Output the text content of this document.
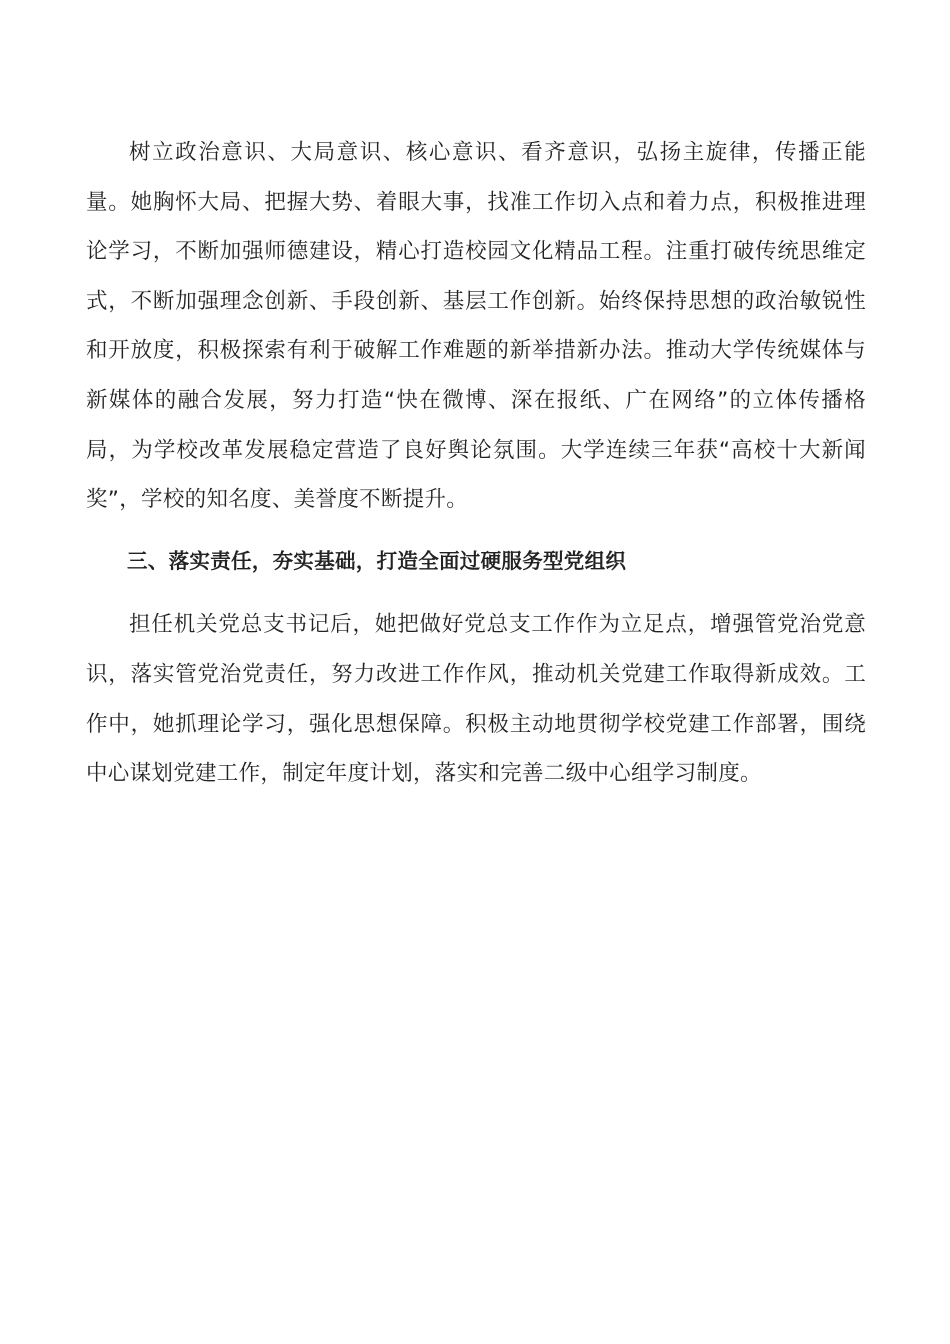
树立政治意识、大局意识、核心意识、看齐意识，弘扬主旋律，传播正能量。她胸怀大局、把握大势、着眼大事，找准工作切入点和着力点，积极推进理论学习，不断加强师德建设，精心打造校园文化精品工程。注重打破传统思维定式，不断加强理念创新、手段创新、基层工作创新。始终保持思想的政治敏锐性和开放度，积极探索有利于破解工作难题的新举措新办法。推动大学传统媒体与新媒体的融合发展，努力打造“快在微博、深在报纸、广在网络”的立体传播格局，为学校改革发展稳定营造了良好舆论氛围。大学连续三年获“高校十大新闻奖”，学校的知名度、美誉度不断提升。

三、落实责任，夯实基础，打造全面过硬服务型党组织

担任机关党总支书记后，她把做好党总支工作作为立足点，增强管党治党意识，落实管党治党责任，努力改进工作作风，推动机关党建工作取得新成效。工作中，她抓理论学习，强化思想保障。积极主动地贯彻学校党建工作部署，围绕中心谋划党建工作，制定年度计划，落实和完善二级中心组学习制度。
